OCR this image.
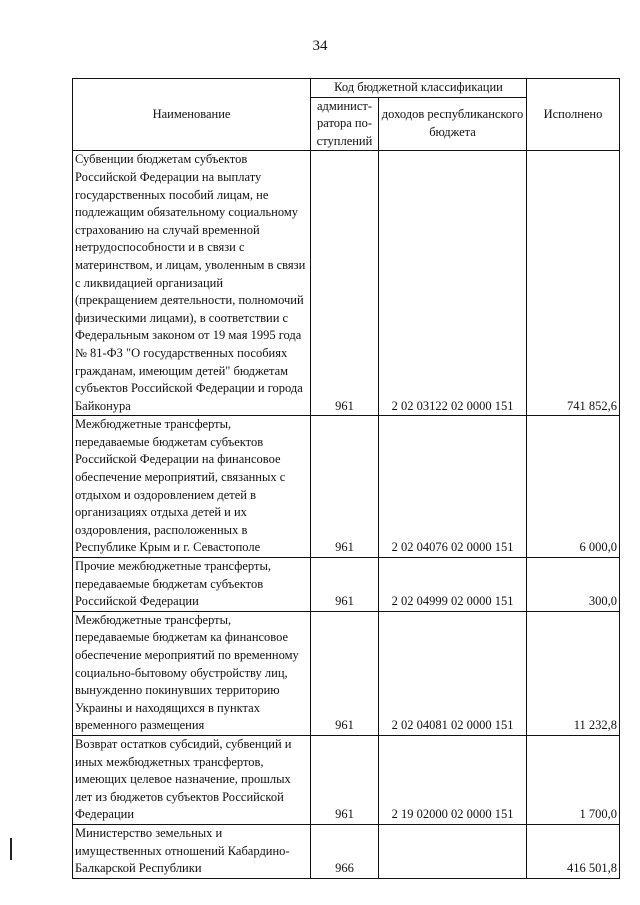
34
Наименование	Код бюджетной классификации		Исполнено
	админист-ратора по-ступлений	доходов республиканского бюджета	
Субвенции бюджетам субъектов Российской Федерации на выплату государственных пособий лицам, не подлежащим обязательному социальному страхованию на случай временной нетрудоспособности и в связи с материнством, и лицам, уволенным в связи с ликвидацией организаций (прекращением деятельности, полномочий физическими лицами), в соответствии с Федеральным законом от 19 мая 1995 года № 81-ФЗ "О государственных пособиях гражданам, имеющим детей" бюджетам субъектов Российской Федерации и города Байконура	961	2 02 03122 02 0000 151	741 852,6
Межбюджетные трансферты, передаваемые бюджетам субъектов Российской Федерации на финансовое обеспечение мероприятий, связанных с отдыхом и оздоровлением детей в организациях отдыха детей и их оздоровления, расположенных в Республике Крым и г. Севастополе	961	2 02 04076 02 0000 151	6 000,0
Прочие межбюджетные трансферты, передаваемые бюджетам субъектов Российской Федерации	961	2 02 04999 02 0000 151	300,0
Межбюджетные трансферты, передаваемые бюджетам ка финансовое обеспечение мероприятий по временному социально-бытовому обустройству лиц, вынужденно покинувших территорию Украины и находящихся в пунктах временного размещения	961	2 02 04081 02 0000 151	11 232,8
Возврат остатков субсидий, субвенций и иных межбюджетных трансфертов, имеющих целевое назначение, прошлых лет из бюджетов субъектов Российской Федерации	961	2 19 02000 02 0000 151	1 700,0
Министерство земельных и имущественных отношений Кабардино-Балкарской Республики	966		416 501,8
